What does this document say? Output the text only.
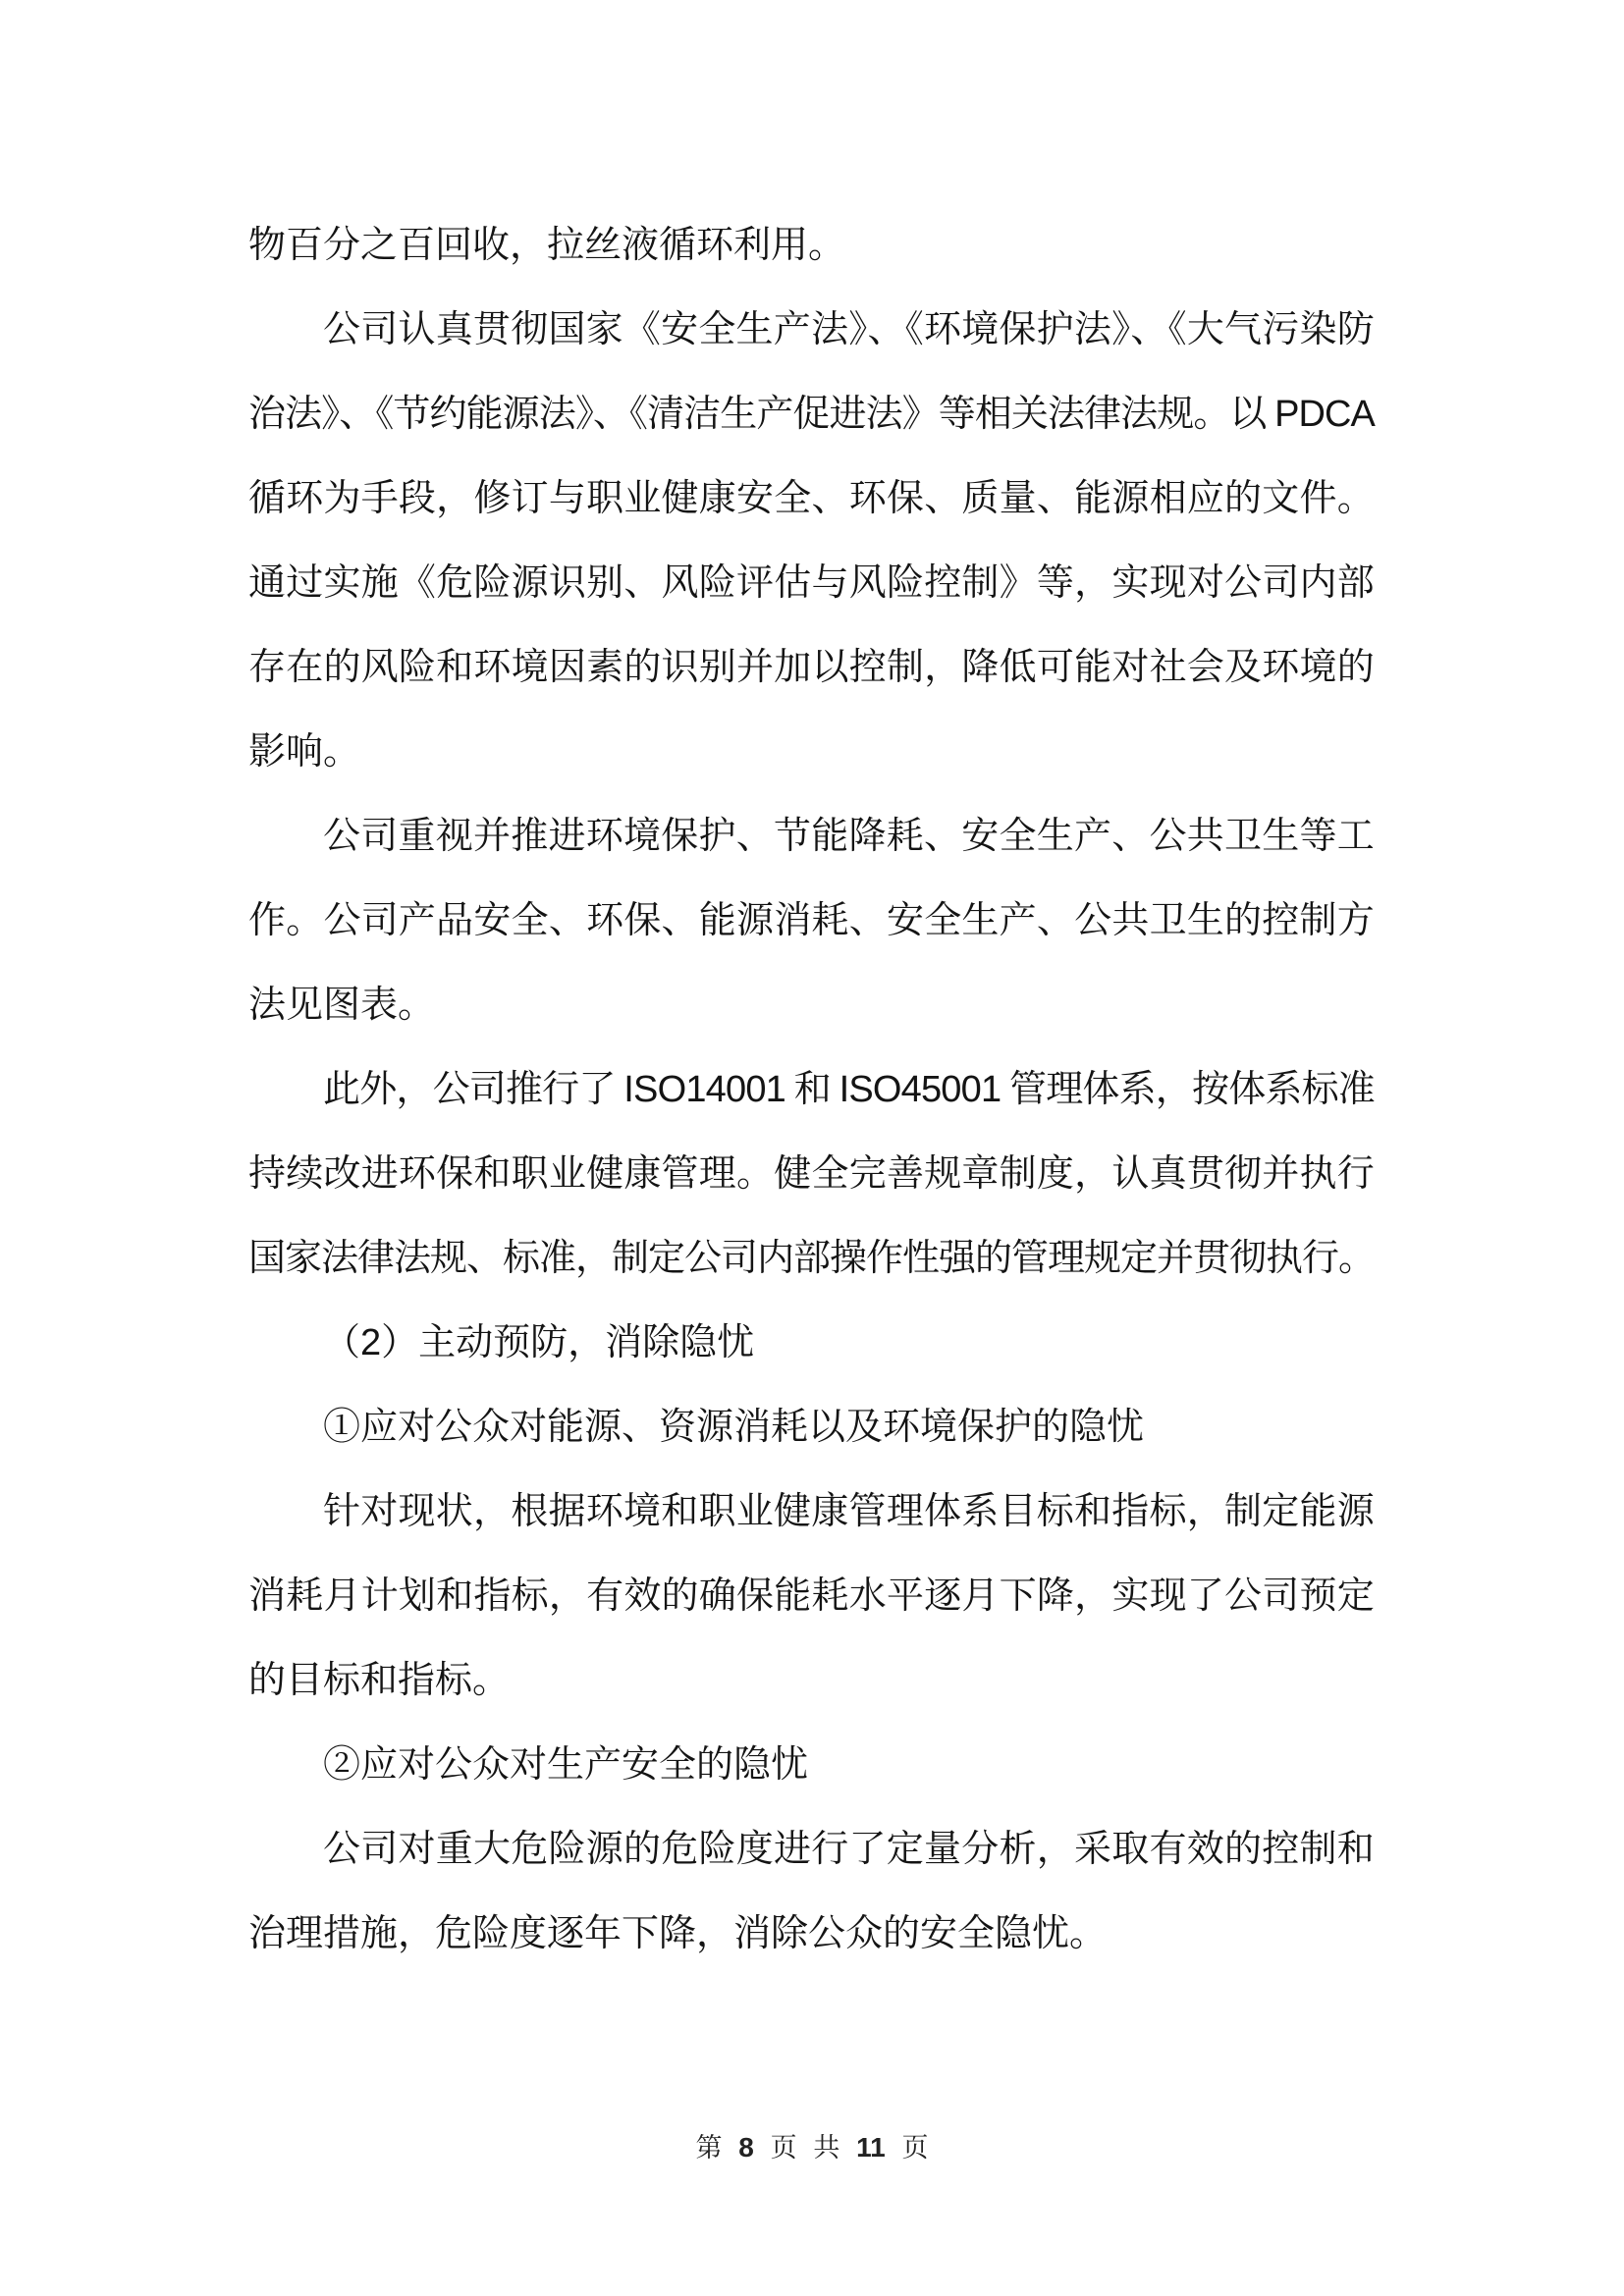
物百分之百回收，拉丝液循环利用。
公司认真贯彻国家《安全生产法》、《环境保护法》、《大气污染防
治法》、《节约能源法》、《清洁生产促进法》等相关法律法规。以 PDCA
循环为手段，修订与职业健康安全、环保、质量、能源相应的文件。
通过实施《危险源识别、风险评估与风险控制》等，实现对公司内部
存在的风险和环境因素的识别并加以控制，降低可能对社会及环境的
影响。
公司重视并推进环境保护、节能降耗、安全生产、公共卫生等工
作。公司产品安全、环保、能源消耗、安全生产、公共卫生的控制方
法见图表。
此外，公司推行了 ISO14001 和 ISO45001 管理体系，按体系标准
持续改进环保和职业健康管理。健全完善规章制度，认真贯彻并执行
国家法律法规、标准，制定公司内部操作性强的管理规定并贯彻执行。
（2）主动预防，消除隐忧
①应对公众对能源、资源消耗以及环境保护的隐忧
针对现状，根据环境和职业健康管理体系目标和指标，制定能源
消耗月计划和指标，有效的确保能耗水平逐月下降，实现了公司预定
的目标和指标。
②应对公众对生产安全的隐忧
公司对重大危险源的危险度进行了定量分析，采取有效的控制和
治理措施，危险度逐年下降，消除公众的安全隐忧。
第 8 页 共 11 页
